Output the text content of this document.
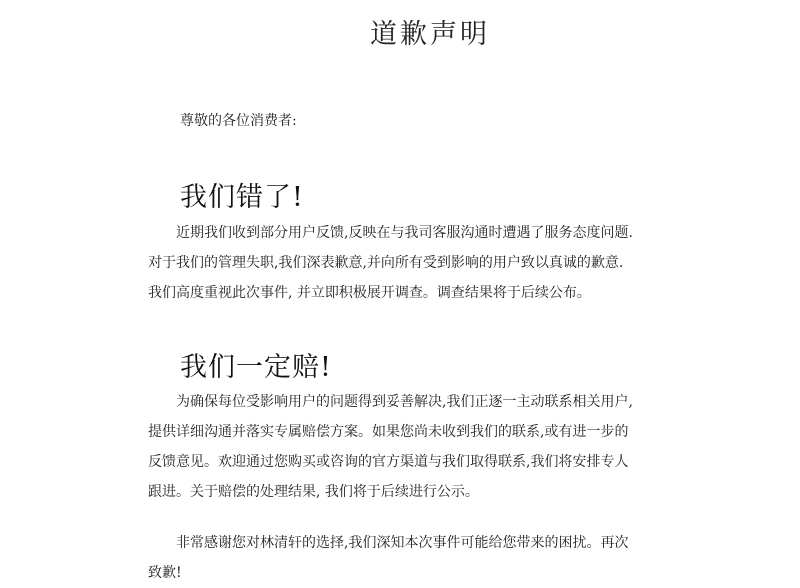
道歉声明
尊敬的各位消费者:
我们错了!
近期我们收到部分用户反馈,反映在与我司客服沟通时遭遇了服务态度问题.
对于我们的管理失职,我们深表歉意,并向所有受到影响的用户致以真诚的歉意.
我们高度重视此次事件, 并立即积极展开调查。调查结果将于后续公布。
我们一定赔!
为确保每位受影响用户的问题得到妥善解决,我们正逐一主动联系相关用户,
提供详细沟通并落实专属赔偿方案。如果您尚未收到我们的联系,或有进一步的
反馈意见。欢迎通过您购买或咨询的官方渠道与我们取得联系,我们将安排专人
跟进。关于赔偿的处理结果, 我们将于后续进行公示。
非常感谢您对林清轩的选择,我们深知本次事件可能给您带来的困扰。再次
致歉!
